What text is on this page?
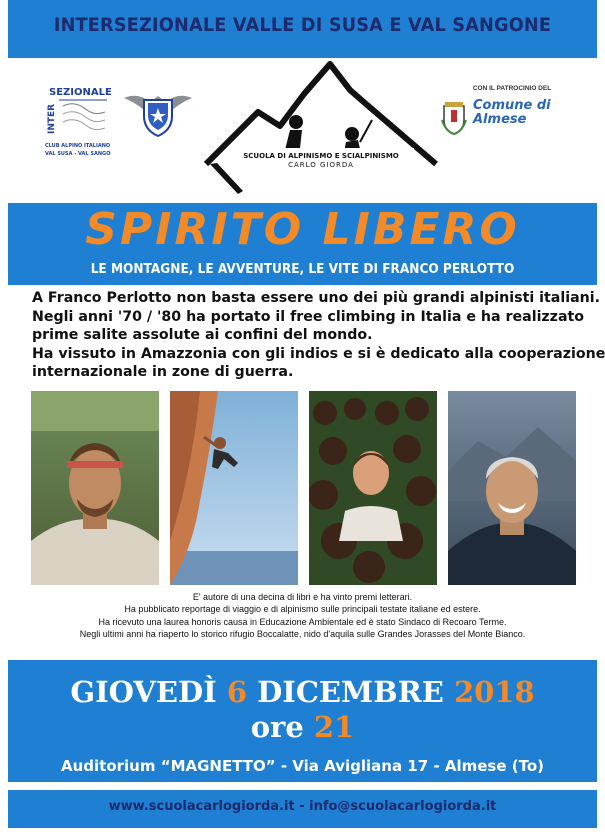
INTERSEZIONALE VALLE DI SUSA E VAL SANGONE
SEZIONALE
INTER
CLUB ALPINO ITALIANO
VAL SUSA - VAL SANGONE	SCUOLA DI ALPINISMO E SCIALPINISMO
CARLO GIORDA
CON IL PATROCINIO DEL
Comune di
Almese
SPIRITO LIBERO
LE MONTAGNE, LE AVVENTURE, LE VITE DI FRANCO PERLOTTO
A Franco Perlotto non basta essere uno dei più grandi alpinisti italiani.
Negli anni '70 / '80 ha portato il free climbing in Italia e ha realizzato
prime salite assolute ai confini del mondo.
Ha vissuto in Amazzonia con gli indios e si è dedicato alla cooperazione
internazionale in zone di guerra.
E' autore di una decina di libri e ha vinto premi letterari.
Ha pubblicato reportage di viaggio e di alpinismo sulle principali testate italiane ed estere.
Ha ricevuto una laurea honoris causa in Educazione Ambientale ed è stato Sindaco di Recoaro Terme.
Negli ultimi anni ha riaperto lo storico rifugio Boccalatte, nido d'aquila sulle Grandes Jorasses del Monte Bianco.
GIOVEDÌ 6 DICEMBRE 2018
ore 21
Auditorium “MAGNETTO” - Via Avigliana 17 - Almese (To)
www.scuolacarlogiorda.it - info@scuolacarlogiorda.it
